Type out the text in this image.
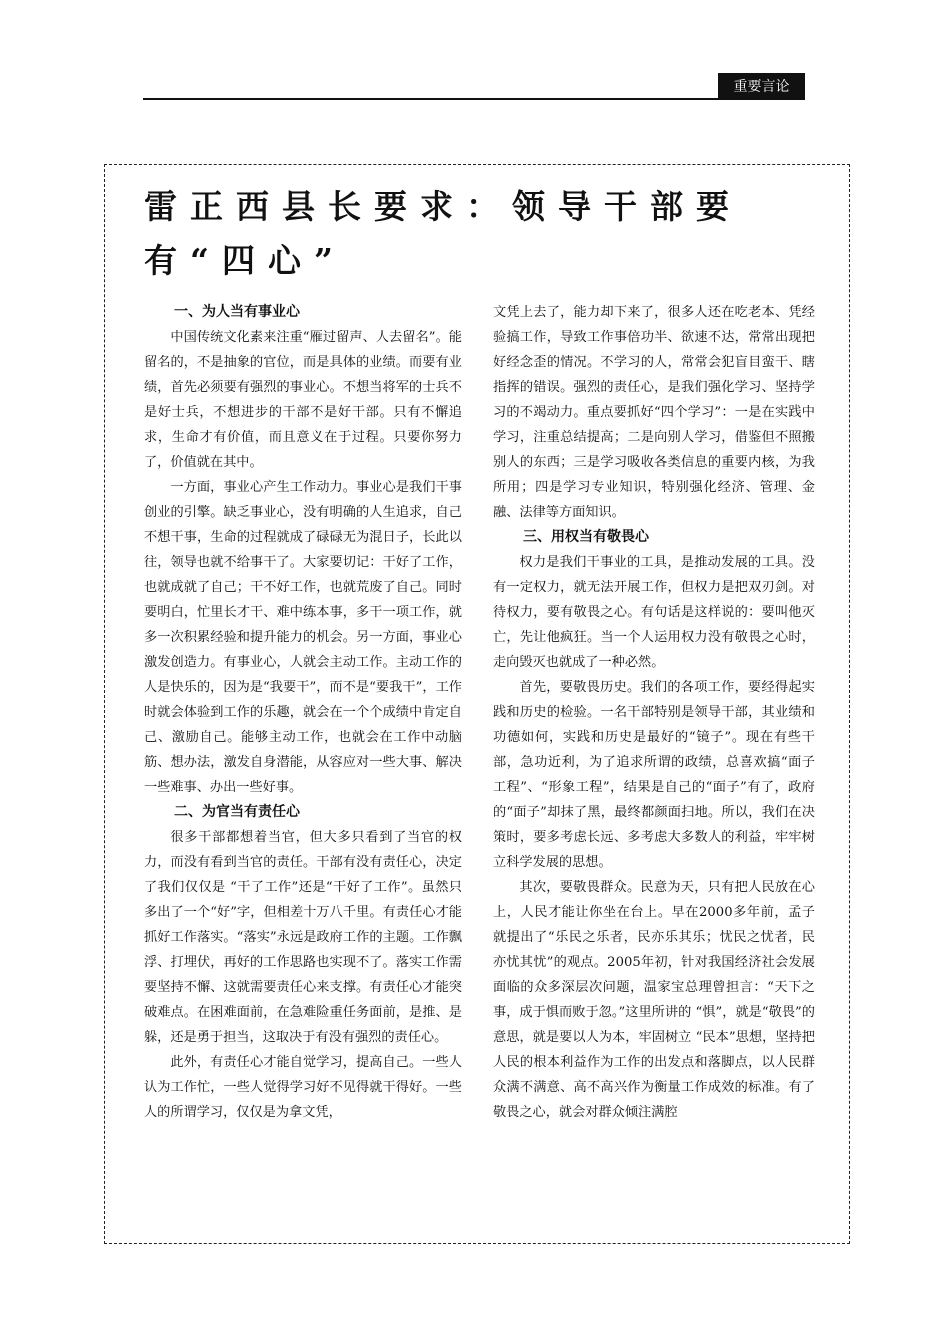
重要言论
雷正西县长要求：领导干部要有“四心”
一、为人当有事业心

中国传统文化素来注重“雁过留声、人去留名”。能留名的，不是抽象的官位，而是具体的业绩。而要有业绩，首先必须要有强烈的事业心。不想当将军的士兵不是好士兵，不想进步的干部不是好干部。只有不懈追求，生命才有价值，而且意义在于过程。只要你努力了，价值就在其中。

一方面，事业心产生工作动力。事业心是我们干事创业的引擎。缺乏事业心，没有明确的人生追求，自己不想干事，生命的过程就成了碌碌无为混日子，长此以往，领导也就不给事干了。大家要切记：干好了工作，也就成就了自己；干不好工作，也就荒废了自己。同时要明白，忙里长才干、难中练本事，多干一项工作，就多一次积累经验和提升能力的机会。另一方面，事业心激发创造力。有事业心，人就会主动工作。主动工作的人是快乐的，因为是“我要干”，而不是“要我干”，工作时就会体验到工作的乐趣，就会在一个个成绩中肯定自己、激励自己。能够主动工作，也就会在工作中动脑筋、想办法，激发自身潜能，从容应对一些大事、解决一些难事、办出一些好事。

二、为官当有责任心

很多干部都想着当官，但大多只看到了当官的权力，而没有看到当官的责任。干部有没有责任心，决定了我们仅仅是 “干了工作”还是“干好了工作”。虽然只多出了一个“好”字，但相差十万八千里。有责任心才能抓好工作落实。“落实”永远是政府工作的主题。工作飘浮、打埋伏，再好的工作思路也实现不了。落实工作需要坚持不懈、这就需要责任心来支撑。有责任心才能突破难点。在困难面前，在急难险重任务面前，是推、是躲，还是勇于担当，这取决于有没有强烈的责任心。

此外，有责任心才能自觉学习，提高自己。一些人认为工作忙，一些人觉得学习好不见得就干得好。一些人的所谓学习，仅仅是为拿文凭，

文凭上去了，能力却下来了，很多人还在吃老本、凭经验搞工作，导致工作事倍功半、欲速不达，常常出现把好经念歪的情况。不学习的人，常常会犯盲目蛮干、瞎指挥的错误。强烈的责任心，是我们强化学习、坚持学习的不竭动力。重点要抓好“四个学习”：一是在实践中学习，注重总结提高；二是向别人学习，借鉴但不照搬别人的东西；三是学习吸收各类信息的重要内核，为我所用；四是学习专业知识，特别强化经济、管理、金融、法律等方面知识。

三、用权当有敬畏心

权力是我们干事业的工具，是推动发展的工具。没有一定权力，就无法开展工作，但权力是把双刃剑。对待权力，要有敬畏之心。有句话是这样说的：要叫他灭亡，先让他疯狂。当一个人运用权力没有敬畏之心时，走向毁灭也就成了一种必然。

首先，要敬畏历史。我们的各项工作，要经得起实践和历史的检验。一名干部特别是领导干部，其业绩和功德如何，实践和历史是最好的“镜子”。现在有些干部，急功近利，为了追求所谓的政绩，总喜欢搞“面子工程”、“形象工程”，结果是自己的“面子”有了，政府的“面子”却抹了黑，最终都颜面扫地。所以，我们在决策时，要多考虑长远、多考虑大多数人的利益，牢牢树立科学发展的思想。

其次，要敬畏群众。民意为天，只有把人民放在心上，人民才能让你坐在台上。早在2000多年前，孟子就提出了“乐民之乐者，民亦乐其乐；忧民之忧者，民亦忧其忧”的观点。2005年初，针对我国经济社会发展面临的众多深层次问题，温家宝总理曾担言：“天下之事，成于惧而败于忽。”这里所讲的 “惧”，就是“敬畏”的意思，就是要以人为本，牢固树立 “民本”思想，坚持把人民的根本利益作为工作的出发点和落脚点，以人民群众满不满意、高不高兴作为衡量工作成效的标准。有了敬畏之心，就会对群众倾注满腔
